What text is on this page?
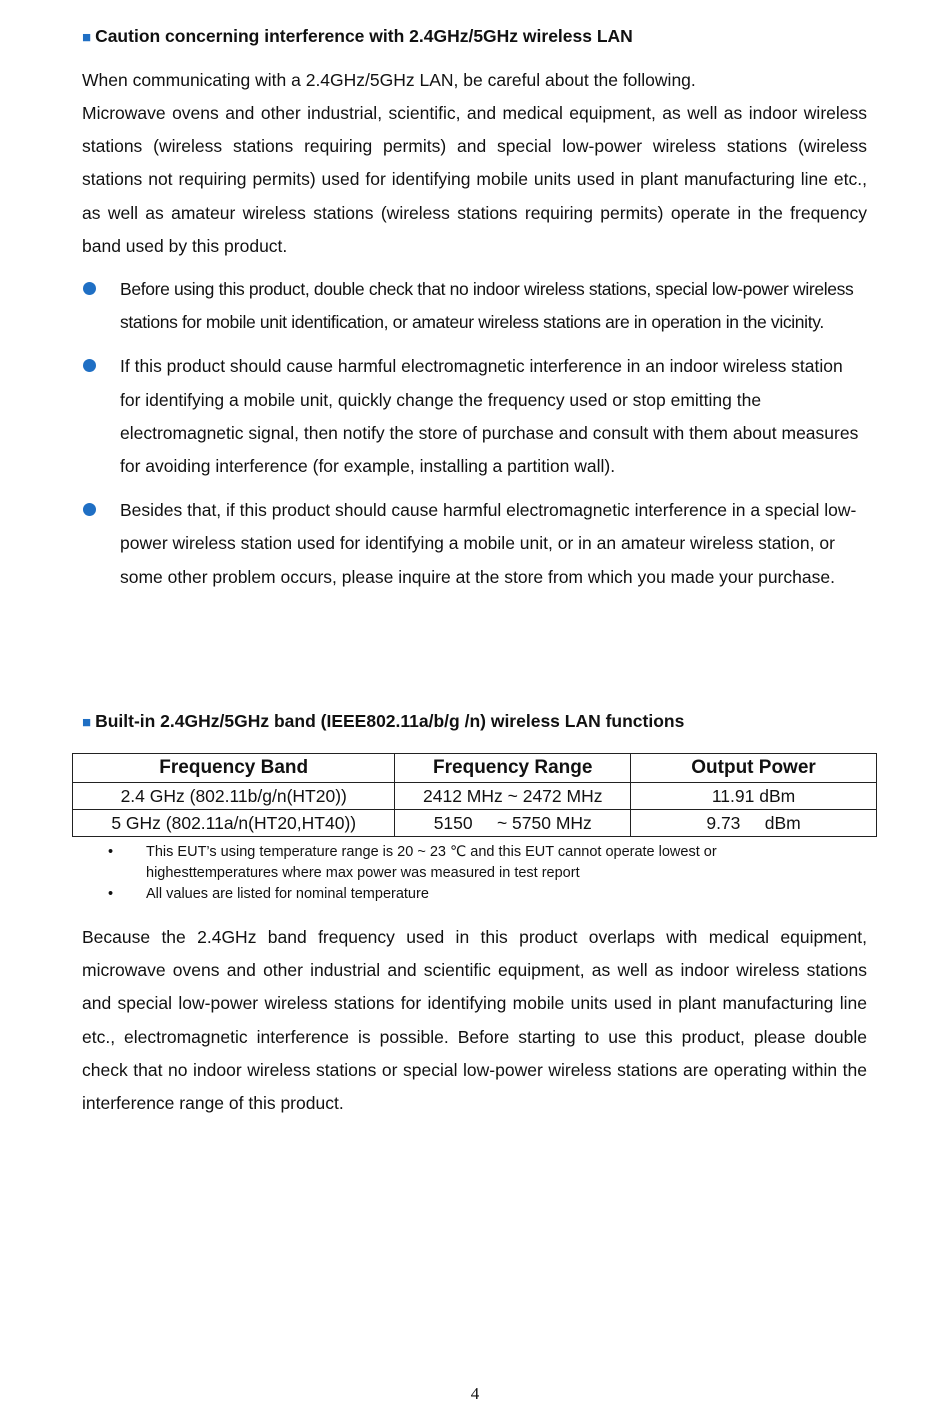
■ Caution concerning interference with 2.4GHz/5GHz wireless LAN

When communicating with a 2.4GHz/5GHz LAN, be careful about the following.

Microwave ovens and other industrial, scientific, and medical equipment, as well as indoor wireless stations (wireless stations requiring permits) and special low-power wireless stations (wireless stations not requiring permits) used for identifying mobile units used in plant manufacturing line etc., as well as amateur wireless stations (wireless stations requiring permits) operate in the frequency band used by this product.

Before using this product, double check that no indoor wireless stations, special low-power wireless stations for mobile unit identification, or amateur wireless stations are in operation in the vicinity.
If this product should cause harmful electromagnetic interference in an indoor wireless station for identifying a mobile unit, quickly change the frequency used or stop emitting the electromagnetic signal, then notify the store of purchase and consult with them about measures for avoiding interference (for example, installing a partition wall).
Besides that, if this product should cause harmful electromagnetic interference in a special low-power wireless station used for identifying a mobile unit, or in an amateur wireless station, or some other problem occurs, please inquire at the store from which you made your purchase.
■ Built-in 2.4GHz/5GHz band (IEEE802.11a/b/g /n) wireless LAN functions
Frequency Band	Frequency Range	Output Power
2.4 GHz (802.11b/g/n(HT20))	2412 MHz ~ 2472 MHz	11.91 dBm
5 GHz (802.11a/n(HT20,HT40))	5150     ~ 5750 MHz	9.73     dBm
• This EUT’s using temperature range is 20 ~ 23 ℃ and this EUT cannot operate lowest or highesttemperatures where max power was measured in test report
• All values are listed for nominal temperature

Because the 2.4GHz band frequency used in this product overlaps with medical equipment, microwave ovens and other industrial and scientific equipment, as well as indoor wireless stations and special low-power wireless stations for identifying mobile units used in plant manufacturing line etc., electromagnetic interference is possible. Before starting to use this product, please double check that no indoor wireless stations or special low-power wireless stations are operating within the interference range of this product.

4
